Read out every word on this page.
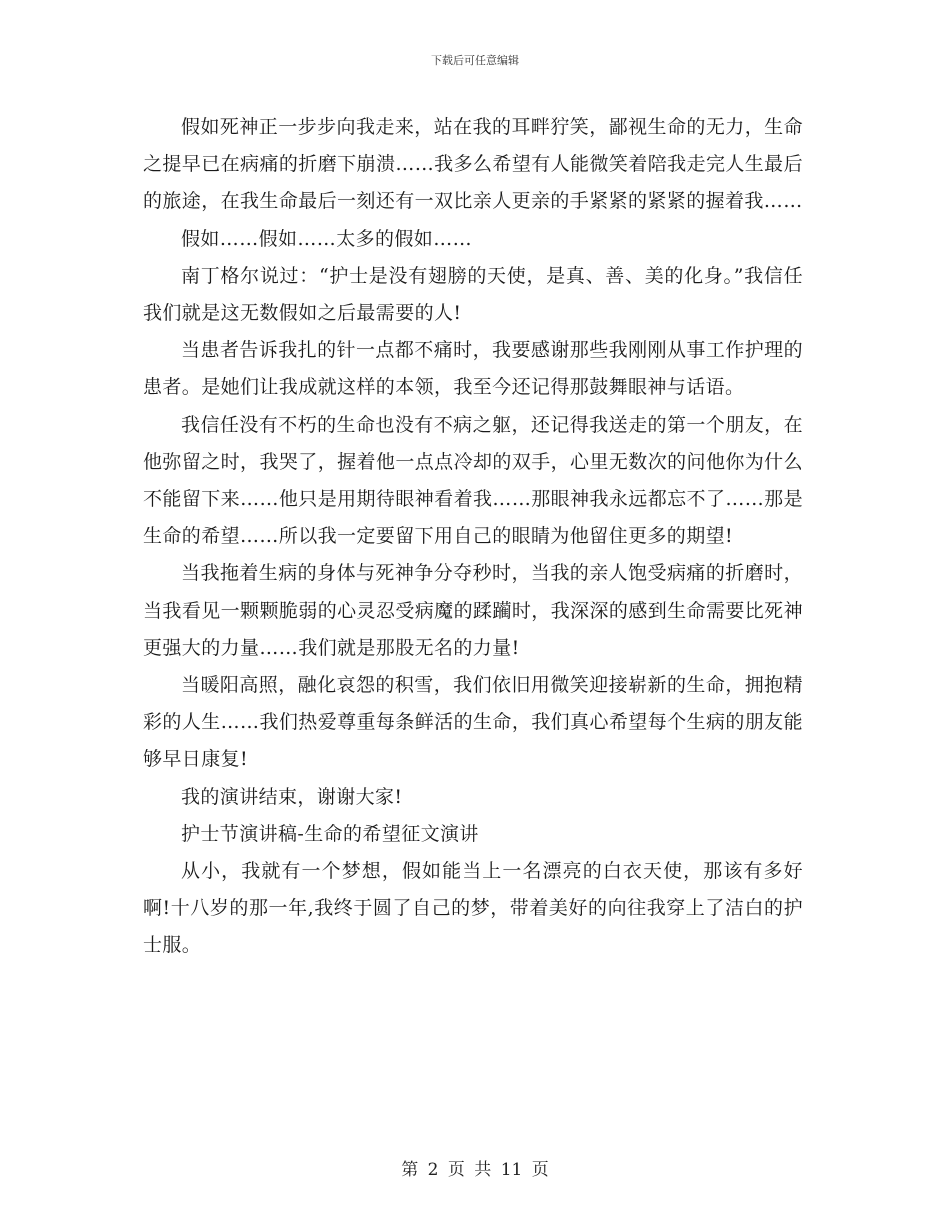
下载后可任意编辑

假如死神正一步步向我走来，站在我的耳畔狞笑，鄙视生命的无力，生命之提早已在病痛的折磨下崩溃……我多么希望有人能微笑着陪我走完人生最后的旅途，在我生命最后一刻还有一双比亲人更亲的手紧紧的紧紧的握着我……

假如……假如……太多的假如……

南丁格尔说过：“护士是没有翅膀的天使，是真、善、美的化身。”我信任我们就是这无数假如之后最需要的人!

当患者告诉我扎的针一点都不痛时，我要感谢那些我刚刚从事工作护理的患者。是她们让我成就这样的本领，我至今还记得那鼓舞眼神与话语。

我信任没有不朽的生命也没有不病之躯，还记得我送走的第一个朋友，在他弥留之时，我哭了，握着他一点点冷却的双手，心里无数次的问他你为什么不能留下来……他只是用期待眼神看着我……那眼神我永远都忘不了……那是生命的希望……所以我一定要留下用自己的眼睛为他留住更多的期望!

当我拖着生病的身体与死神争分夺秒时，当我的亲人饱受病痛的折磨时，当我看见一颗颗脆弱的心灵忍受病魔的蹂躏时，我深深的感到生命需要比死神更强大的力量……我们就是那股无名的力量!

当暖阳高照，融化哀怨的积雪，我们依旧用微笑迎接崭新的生命，拥抱精彩的人生……我们热爱尊重每条鲜活的生命，我们真心希望每个生病的朋友能够早日康复!

我的演讲结束，谢谢大家!

护士节演讲稿-生命的希望征文演讲

从小，我就有一个梦想，假如能当上一名漂亮的白衣天使，那该有多好啊!十八岁的那一年,我终于圆了自己的梦，带着美好的向往我穿上了洁白的护士服。

第 2 页 共 11 页
